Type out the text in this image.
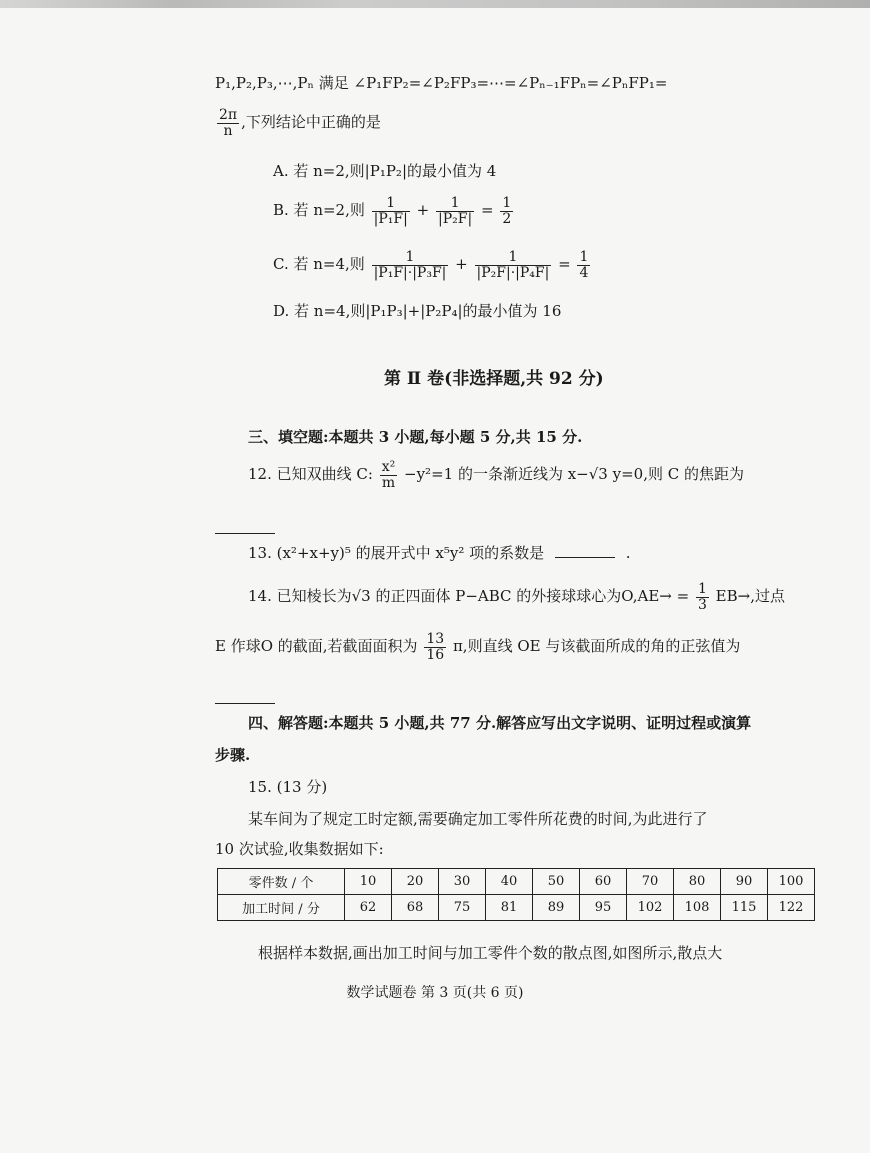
P₁,P₂,P₃,⋯,Pₙ 满足 ∠P₁FP₂=∠P₂FP₃=⋯=∠Pₙ₋₁FPₙ=∠PₙFP₁=
$\frac{2\pi}{n}$ ,下列结论中正确的是
A. 若 n=2,则|P₁P₂|的最小值为 4
B. 若 n=2,则 $\frac{1}{\text{|P₁F|}} + \frac{1}{\text{|P₂F|}} = \frac{1}{2}$
C. 若 n=4,则 $\frac{1}{\text{|P₁F|·|P₃F|}} + \frac{1}{\text{|P₂F|·|P₄F|}} = \frac{1}{4}$
D. 若 n=4,则|P₁P₃|+|P₂P₄|的最小值为 16
第 Ⅱ 卷(非选择题,共 92 分)
三、填空题:本题共 3 小题,每小题 5 分,共 15 分.
12. 已知双曲线 C: $\frac{\text{x²}}{m} -y^2=1$ 的一条渐近线为 x−√3 y=0,则 C 的焦距为
13. (x²+x+y)⁵ 的展开式中 x⁵y² 项的系数是	.
14. 已知棱长为√3 的正四面体 P−ABC 的外接球球心为$O,AE\to = \frac{1}{3} EB\to$,过点
E 作球O 的截面,若截面面积为 $\frac{13}{16} \pi$,则直线 OE 与该截面所成的角的正弦值为
四、解答题:本题共 5 小题,共 77 分.解答应写出文字说明、证明过程或演算
步骤.
15. (13 分)
某车间为了规定工时定额,需要确定加工零件所花费的时间,为此进行了
10 次试验,收集数据如下:
零件数 / 个	10	20	30	40	50	60	70	80	90	100
加工时间 / 分	62	68	75	81	89	95	102	108	115	122
根据样本数据,画出加工时间与加工零件个数的散点图,如图所示,散点大
数学试题卷 第 3 页(共 6 页)
